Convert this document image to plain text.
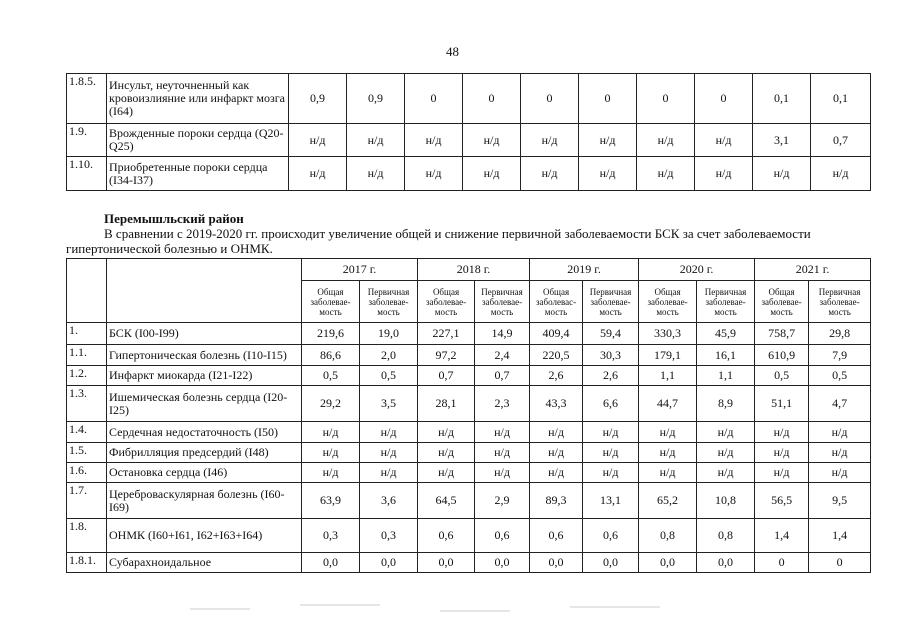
48
1.8.5.	Инсульт, неуточненный как кровоизлияние или инфаркт мозга (I64)	0,9	0,9	0	0	0	0	0	0	0,1	0,1
1.9.	Врожденные пороки сердца (Q20-Q25)	н/д	н/д	н/д	н/д	н/д	н/д	н/д	н/д	3,1	0,7
1.10.	Приобретенные пороки сердца (I34-I37)	н/д	н/д	н/д	н/д	н/д	н/д	н/д	н/д	н/д	н/д
Перемышльский район
В сравнении с 2019-2020 гг. происходит увеличение общей и снижение первичной заболеваемости БСК за счет заболеваемости гипертонической болезнью и ОНМК.
		2017 г.		2018 г.		2019 г.		2020 г.		2021 г.	
		Общая заболевае-мость	Первичная заболевае-мость	Общая заболевае-мость	Первичная заболевае-мость	Общая заболевас-мость	Первичная заболевае-мость	Общая заболевае-мость	Первичная заболевае-мость	Общая заболевае-мость	Первичная заболевае-мость
1.	БСК (I00-I99)	219,6	19,0	227,1	14,9	409,4	59,4	330,3	45,9	758,7	29,8
1.1.	Гипертоническая болезнь (I10-I15)	86,6	2,0	97,2	2,4	220,5	30,3	179,1	16,1	610,9	7,9
1.2.	Инфаркт миокарда (I21-I22)	0,5	0,5	0,7	0,7	2,6	2,6	1,1	1,1	0,5	0,5
1.3.	Ишемическая болезнь сердца (I20-I25)	29,2	3,5	28,1	2,3	43,3	6,6	44,7	8,9	51,1	4,7
1.4.	Сердечная недостаточность (I50)	н/д	н/д	н/д	н/д	н/д	н/д	н/д	н/д	н/д	н/д
1.5.	Фибрилляция предсердий (I48)	н/д	н/д	н/д	н/д	н/д	н/д	н/д	н/д	н/д	н/д
1.6.	Остановка сердца (I46)	н/д	н/д	н/д	н/д	н/д	н/д	н/д	н/д	н/д	н/д
1.7.	Цереброваскулярная болезнь (I60-I69)	63,9	3,6	64,5	2,9	89,3	13,1	65,2	10,8	56,5	9,5
1.8.	ОНМК (I60+I61, I62+I63+I64)	0,3	0,3	0,6	0,6	0,6	0,6	0,8	0,8	1,4	1,4
1.8.1.	Субарахноидальное	0,0	0,0	0,0	0,0	0,0	0,0	0,0	0,0	0	0
